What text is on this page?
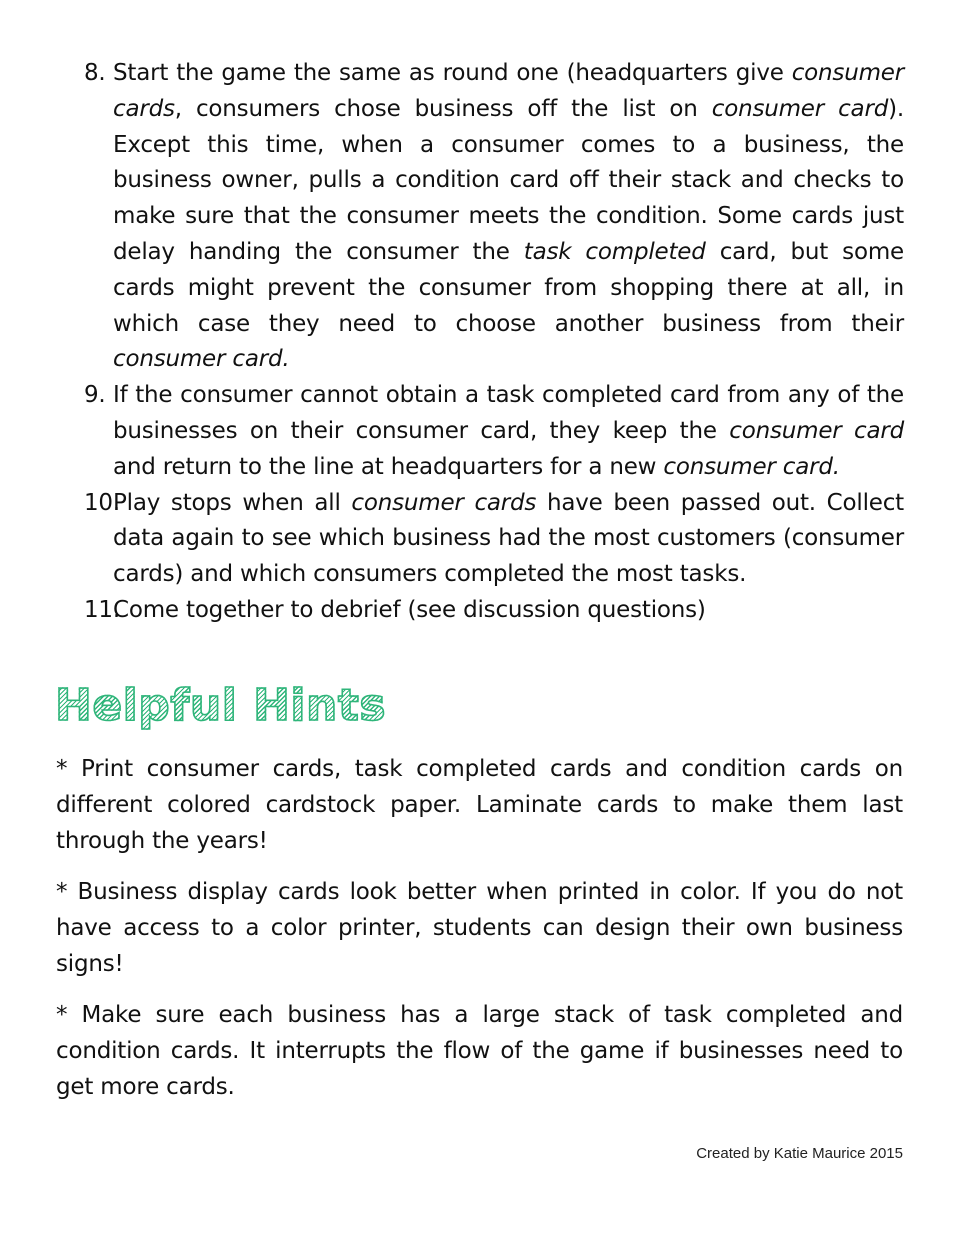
8. Start the game the same as round one (headquarters give consumer cards, consumers chose business off the list on consumer card). Except this time, when a consumer comes to a business, the business owner, pulls a condition card off their stack and checks to make sure that the consumer meets the condition. Some cards just delay handing the consumer the task completed card, but some cards might prevent the consumer from shopping there at all, in which case they need to choose another business from their consumer card.
9. If the consumer cannot obtain a task completed card from any of the businesses on their consumer card, they keep the consumer card and return to the line at headquarters for a new consumer card.
10.
Play stops when all consumer cards have been passed out. Collect data again to see which business had the most customers (consumer cards) and which consumers completed the most tasks.
11.
Come together to debrief (see discussion questions)
Helpful Hints

* Print consumer cards, task completed cards and condition cards on different colored cardstock paper. Laminate cards to make them last through the years!

* Business display cards look better when printed in color. If you do not have access to a color printer, students can design their own business signs!

* Make sure each business has a large stack of task completed and condition cards. It interrupts the flow of the game if businesses need to get more cards.

Created by Katie Maurice 2015
